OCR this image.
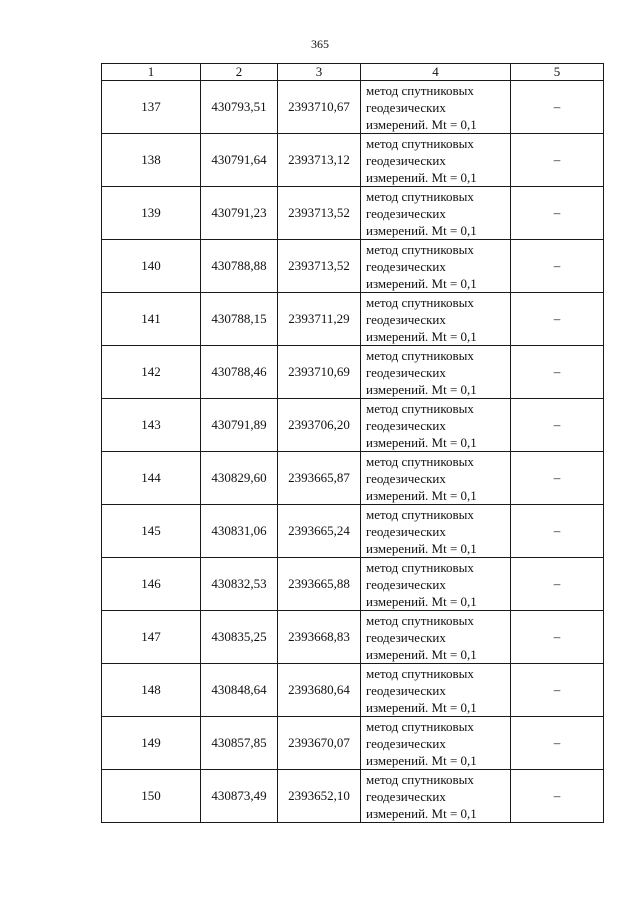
365
1	2	3	4	5
137	430793,51	2393710,67	метод спутниковых
геодезических
измерений. Mt = 0,1	–
138	430791,64	2393713,12	метод спутниковых
геодезических
измерений. Mt = 0,1	–
139	430791,23	2393713,52	метод спутниковых
геодезических
измерений. Mt = 0,1	–
140	430788,88	2393713,52	метод спутниковых
геодезических
измерений. Mt = 0,1	–
141	430788,15	2393711,29	метод спутниковых
геодезических
измерений. Mt = 0,1	–
142	430788,46	2393710,69	метод спутниковых
геодезических
измерений. Mt = 0,1	–
143	430791,89	2393706,20	метод спутниковых
геодезических
измерений. Mt = 0,1	–
144	430829,60	2393665,87	метод спутниковых
геодезических
измерений. Mt = 0,1	–
145	430831,06	2393665,24	метод спутниковых
геодезических
измерений. Mt = 0,1	–
146	430832,53	2393665,88	метод спутниковых
геодезических
измерений. Mt = 0,1	–
147	430835,25	2393668,83	метод спутниковых
геодезических
измерений. Mt = 0,1	–
148	430848,64	2393680,64	метод спутниковых
геодезических
измерений. Mt = 0,1	–
149	430857,85	2393670,07	метод спутниковых
геодезических
измерений. Mt = 0,1	–
150	430873,49	2393652,10	метод спутниковых
геодезических
измерений. Mt = 0,1	–
